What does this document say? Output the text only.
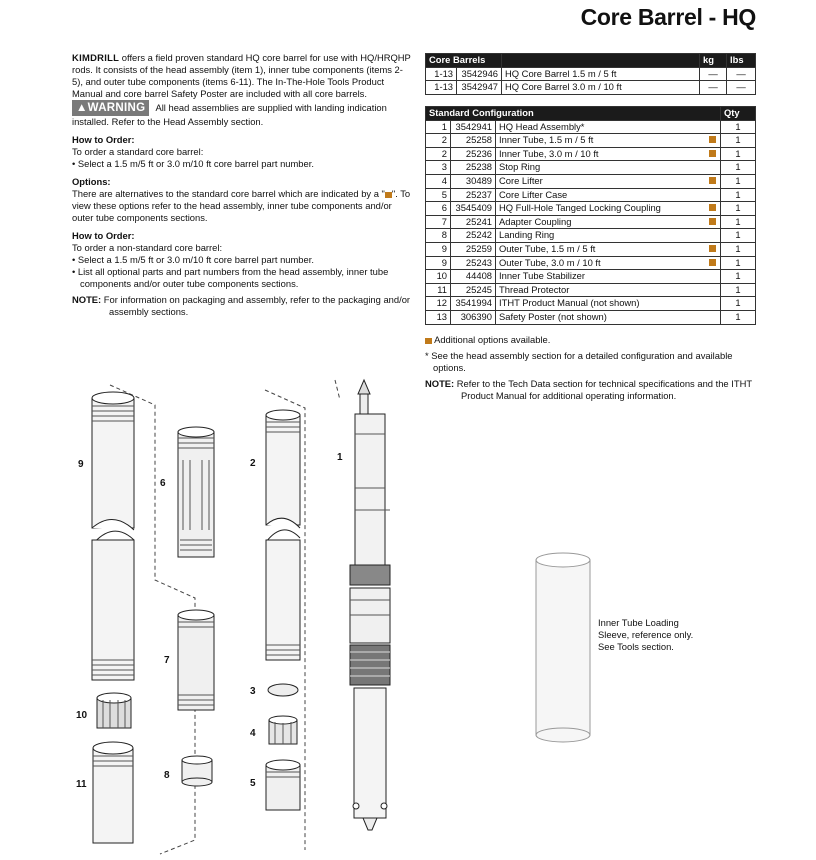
Core Barrel - HQ

KIMDRILL offers a field proven standard HQ core barrel for use with HQ/HRQHP rods. It consists of the head assembly (item 1), inner tube components (items 2-5), and outer tube components (items 6-11). The In-The-Hole Tools Product Manual and core barrel Safety Poster are included with all core barrels.

▲WARNING All head assemblies are supplied with landing indication installed. Refer to the Head Assembly section.

How to Order:

To order a standard core barrel:

• Select a 1.5 m/5 ft or 3.0 m/10 ft core barrel part number.

Options:

There are alternatives to the standard core barrel which are indicated by a " ". To view these options refer to the head assembly, inner tube components and/or outer tube components sections.

How to Order:

To order a non-standard core barrel:

• Select a 1.5 m/5 ft or 3.0 m/10 ft core barrel part number.

• List all optional parts and part numbers from the head assembly, inner tube components and/or outer tube components sections.

NOTE: For information on packaging and assembly, refer to the packaging and/or assembly sections.

Core Barrels			kg	lbs
1-13	3542946	HQ Core Barrel 1.5 m / 5 ft	—	—
1-13	3542947	HQ Core Barrel 3.0 m / 10 ft	—	—
Standard Configuration				Qty
1	3542941	HQ Head Assembly*		1
2	25258	Inner Tube, 1.5 m / 5 ft		1
2	25236	Inner Tube, 3.0 m / 10 ft		1
3	25238	Stop Ring		1
4	30489	Core Lifter		1
5	25237	Core Lifter Case		1
6	3545409	HQ Full-Hole Tanged Locking Coupling		1
7	25241	Adapter Coupling		1
8	25242	Landing Ring		1
9	25259	Outer Tube, 1.5 m / 5 ft		1
9	25243	Outer Tube, 3.0 m / 10 ft		1
10	44408	Inner Tube Stabilizer		1
11	25245	Thread Protector		1
12	3541994	ITHT Product Manual (not shown)		1
13	306390	Safety Poster (not shown)		1

Additional options available.

* See the head assembly section for a detailed configuration and available options.

NOTE: Refer to the Tech Data section for technical specifications and the ITHT Product Manual for additional operating information.

9
6
2
1
7
3
4
10
8
5
11
Inner Tube Loading
Sleeve, reference only.
See Tools section.
